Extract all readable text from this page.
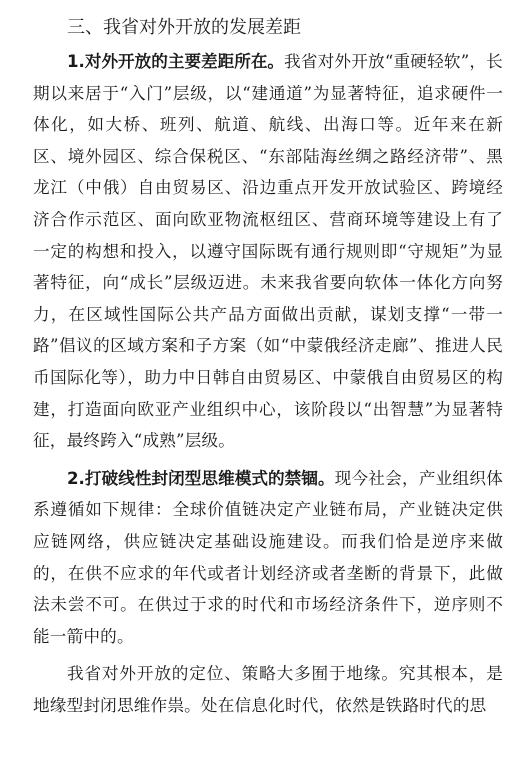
三、我省对外开放的发展差距

1.对外开放的主要差距所在。我省对外开放“重硬轻软”，长期以来居于“入门”层级，以“建通道”为显著特征，追求硬件一体化，如大桥、班列、航道、航线、出海口等。近年来在新区、境外园区、综合保税区、“东部陆海丝绸之路经济带”、黑龙江（中俄）自由贸易区、沿边重点开发开放试验区、跨境经济合作示范区、面向欧亚物流枢纽区、营商环境等建设上有了一定的构想和投入，以遵守国际既有通行规则即“守规矩”为显著特征，向“成长”层级迈进。未来我省要向软体一体化方向努力，在区域性国际公共产品方面做出贡献，谋划支撑“一带一路”倡议的区域方案和子方案（如“中蒙俄经济走廊”、推进人民币国际化等），助力中日韩自由贸易区、中蒙俄自由贸易区的构建，打造面向欧亚产业组织中心，该阶段以“出智慧”为显著特征，最终跨入“成熟”层级。

2.打破线性封闭型思维模式的禁锢。现今社会，产业组织体系遵循如下规律：全球价值链决定产业链布局，产业链决定供应链网络，供应链决定基础设施建设。而我们恰是逆序来做的，在供不应求的年代或者计划经济或者垄断的背景下，此做法未尝不可。在供过于求的时代和市场经济条件下，逆序则不能一箭中的。

我省对外开放的定位、策略大多囿于地缘。究其根本，是地缘型封闭思维作祟。处在信息化时代，依然是铁路时代的思
